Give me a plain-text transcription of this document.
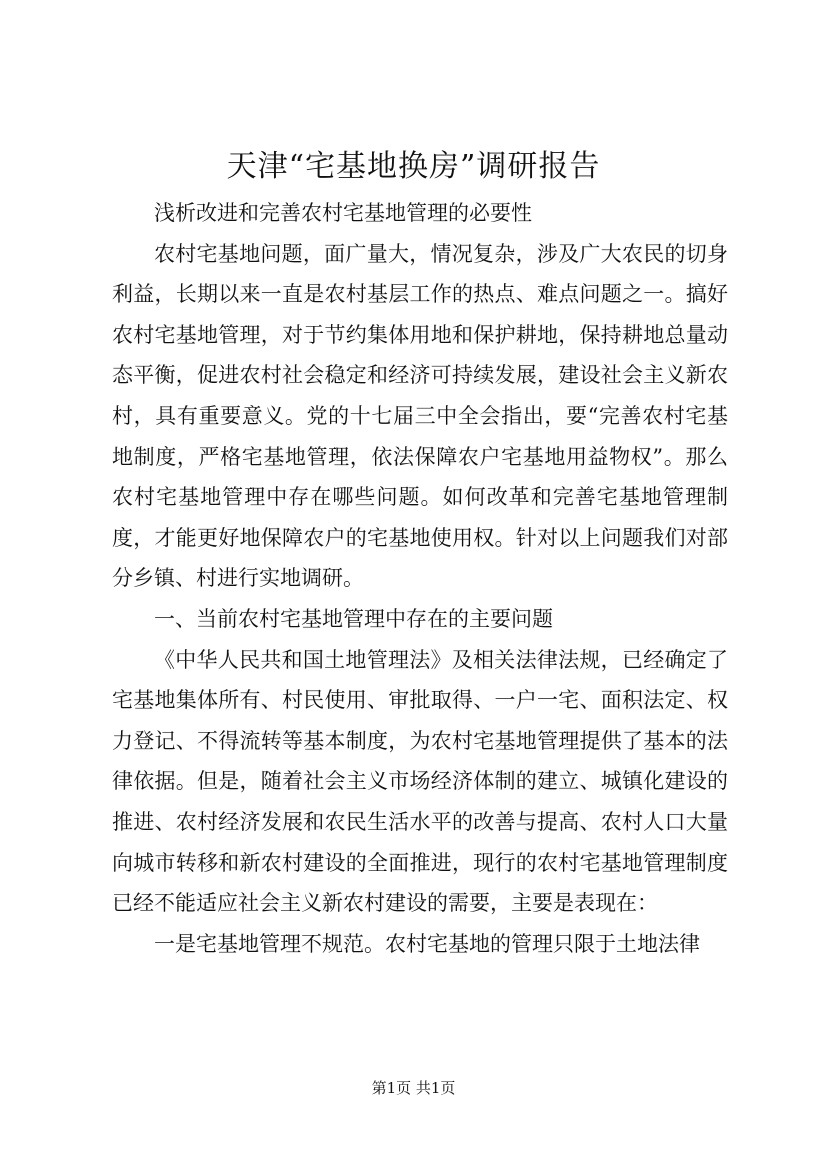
天津“宅基地换房”调研报告

浅析改进和完善农村宅基地管理的必要性

农村宅基地问题，面广量大，情况复杂，涉及广大农民的切身利益，长期以来一直是农村基层工作的热点、难点问题之一。搞好农村宅基地管理，对于节约集体用地和保护耕地，保持耕地总量动态平衡，促进农村社会稳定和经济可持续发展，建设社会主义新农村，具有重要意义。党的十七届三中全会指出，要“完善农村宅基地制度，严格宅基地管理，依法保障农户宅基地用益物权”。那么农村宅基地管理中存在哪些问题。如何改革和完善宅基地管理制度，才能更好地保障农户的宅基地使用权。针对以上问题我们对部分乡镇、村进行实地调研。

一、当前农村宅基地管理中存在的主要问题

《中华人民共和国土地管理法》及相关法律法规，已经确定了宅基地集体所有、村民使用、审批取得、一户一宅、面积法定、权力登记、不得流转等基本制度，为农村宅基地管理提供了基本的法律依据。但是，随着社会主义市场经济体制的建立、城镇化建设的推进、农村经济发展和农民生活水平的改善与提高、农村人口大量向城市转移和新农村建设的全面推进，现行的农村宅基地管理制度已经不能适应社会主义新农村建设的需要，主要是表现在：

一是宅基地管理不规范。农村宅基地的管理只限于土地法律

第1页 共1页
